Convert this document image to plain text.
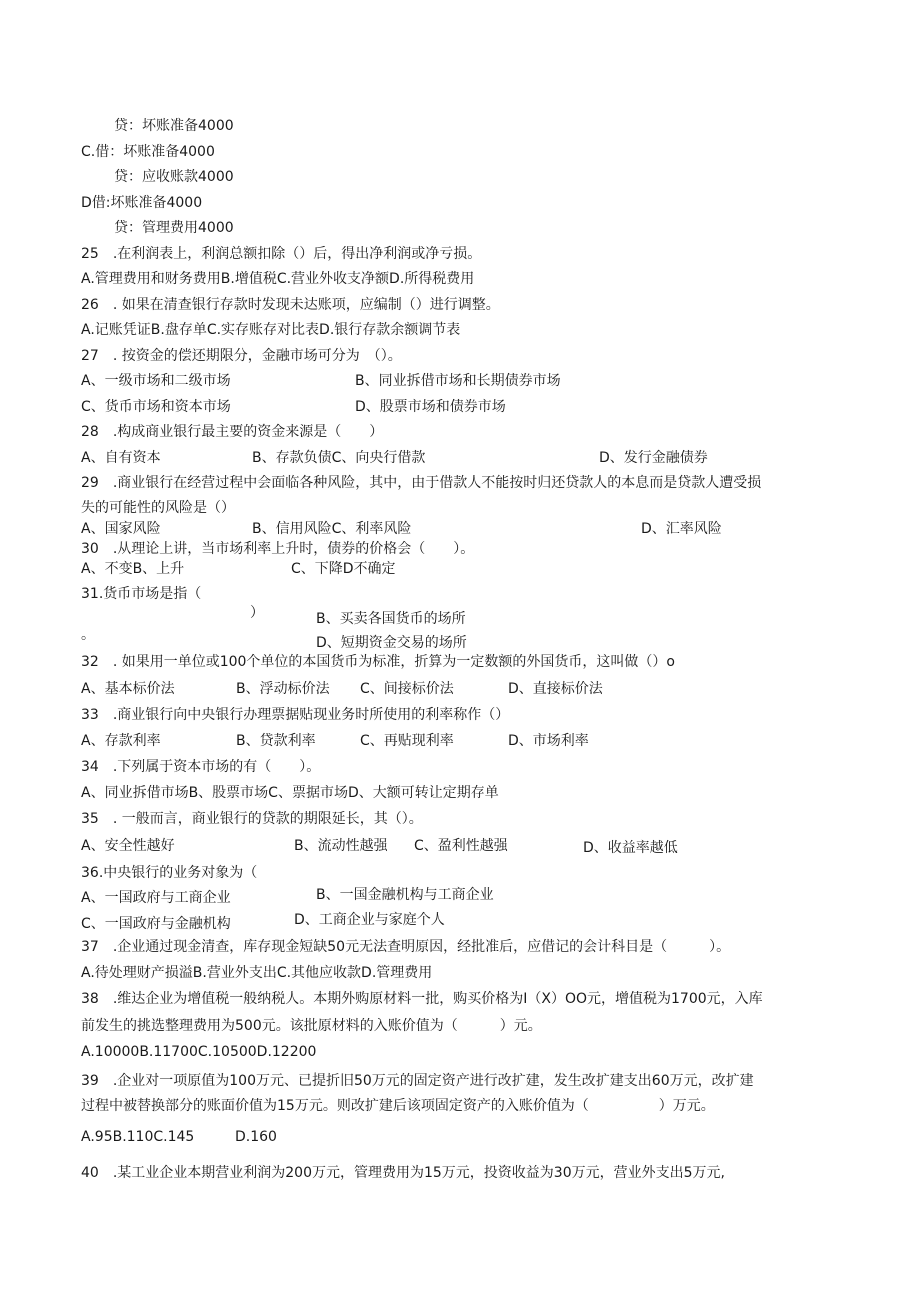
贷：坏账准备4000
C.借：坏账准备4000
贷：应收账款4000
D借:坏账准备4000
贷：管理费用4000
25　.在利润表上，利润总额扣除（）后，得出净利润或净亏损。
A.管理费用和财务费用B.增值税C.营业外收支净额D.所得税费用
26　. 如果在清查银行存款时发现未达账项，应编制（）进行调整。
A.记账凭证B.盘存单C.实存账存对比表D.银行存款余额调节表
27　. 按资金的偿还期限分，金融市场可分为　（）。
A、一级市场和二级市场	B、同业拆借市场和长期债券市场
C、货币市场和资本市场	D、股票市场和债券市场
28　.构成商业银行最主要的资金来源是（　　）
A、自有资本	B、存款负债C、向央行借款	D、发行金融债券
29　.商业银行在经营过程中会面临各种风险，其中，由于借款人不能按时归还贷款人的本息而是贷款人遭受损
失的可能性的风险是（）
A、国家风险	B、信用风险C、利率风险	D、汇率风险
30　.从理论上讲，当市场利率上升时，债券的价格会（　　）。
A、不变B、上升	C、下降D不确定
31.货币市场是指（
）	B、买卖各国货币的场所
。	D、短期资金交易的场所
32　. 如果用一单位或100个单位的本国货币为标准，折算为一定数额的外国货币，这叫做（）o
A、基本标价法	B、浮动标价法 C、间接标价法	D、直接标价法
33　.商业银行向中央银行办理票据贴现业务时所使用的利率称作（）
A、存款利率	B、贷款利率	C、再贴现利率	D、市场利率
34　.下列属于资本市场的有（　　）。
A、同业拆借市场B、股票市场C、票据市场D、大额可转让定期存单
35　. 一般而言，商业银行的贷款的期限延长，其（）。
A、安全性越好	B、流动性越强 C、盈利性越强	D、收益率越低
36.中央银行的业务对象为（
A、一国政府与工商企业	B、一国金融机构与工商企业
C、一国政府与金融机构	D、工商企业与家庭个人
37　.企业通过现金清查，库存现金短缺50元无法查明原因，经批准后，应借记的会计科目是（　　　）。
A.待处理财产损溢B.营业外支出C.其他应收款D.管理费用
38　.维达企业为增值税一般纳税人。本期外购原材料一批，购买价格为I（X）OO元，增值税为1700元，入库
前发生的挑选整理费用为500元。该批原材料的入账价值为（　　　）元。
A.10000B.11700C.10500D.12200
39　.企业对一项原值为100万元、已提折旧50万元的固定资产进行改扩建，发生改扩建支出60万元，改扩建
过程中被替换部分的账面价值为15万元。则改扩建后该项固定资产的入账价值为（　　　　　）万元。
A.95B.110C.145	D.160
40　.某工业企业本期营业利润为200万元，管理费用为15万元，投资收益为30万元，营业外支出5万元,
